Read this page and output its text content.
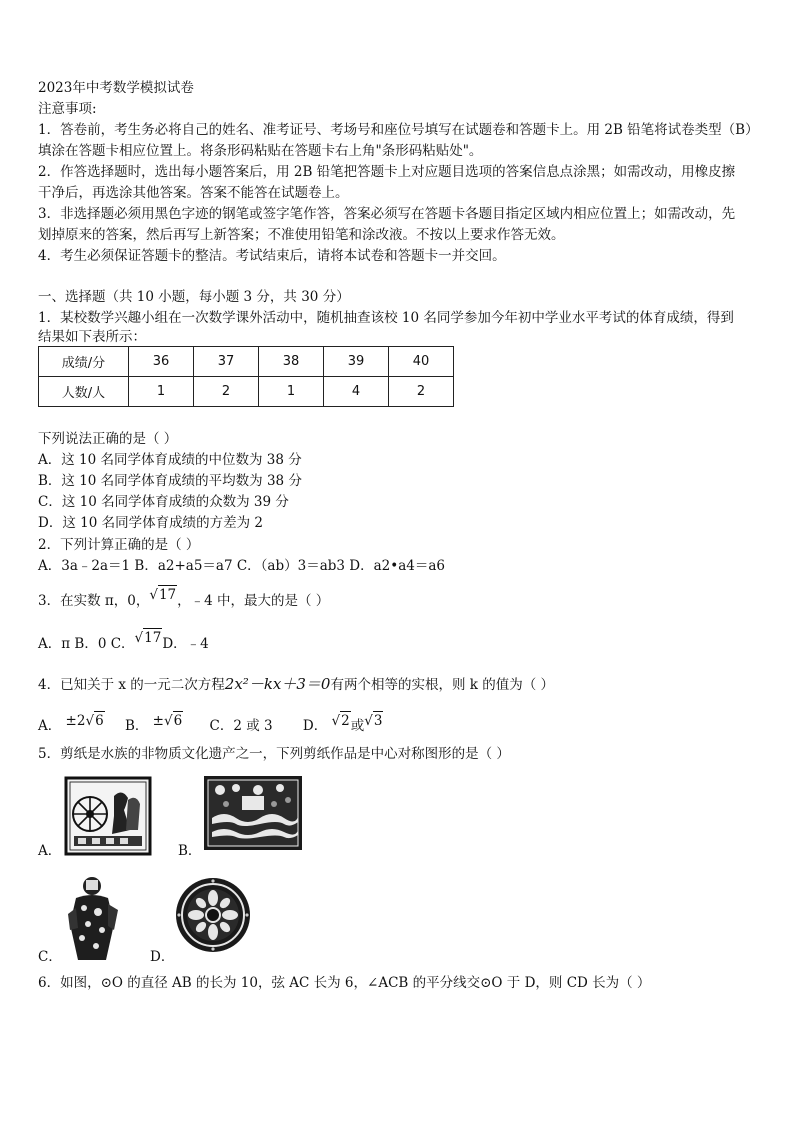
2023年中考数学模拟试卷
注意事项:
1．答卷前，考生务必将自己的姓名、准考证号、考场号和座位号填写在试题卷和答题卡上。用 2B 铅笔将试卷类型（B）
填涂在答题卡相应位置上。将条形码粘贴在答题卡右上角"条形码粘贴处"。
2．作答选择题时，选出每小题答案后，用 2B 铅笔把答题卡上对应题目选项的答案信息点涂黑；如需改动，用橡皮擦
干净后，再选涂其他答案。答案不能答在试题卷上。
3．非选择题必须用黑色字迹的钢笔或签字笔作答，答案必须写在答题卡各题目指定区域内相应位置上；如需改动，先
划掉原来的答案，然后再写上新答案；不准使用铅笔和涂改液。不按以上要求作答无效。
4．考生必须保证答题卡的整洁。考试结束后，请将本试卷和答题卡一并交回。
一、选择题（共 10 小题，每小题 3 分，共 30 分）
1．某校数学兴趣小组在一次数学课外活动中，随机抽查该校 10 名同学参加今年初中学业水平考试的体育成绩，得到
结果如下表所示：
成绩/分	36	37	38	39	40
人数/人	1	2	1	4	2
下列说法正确的是（ ）
A．这 10 名同学体育成绩的中位数为 38 分
B．这 10 名同学体育成绩的平均数为 38 分
C．这 10 名同学体育成绩的众数为 39 分
D．这 10 名同学体育成绩的方差为 2
2．下列计算正确的是（ ）
A．3a﹣2a＝1 B．a2+a5＝a7 C．（ab）3＝ab3 D．a2•a4＝a6
3．在实数 π，0，√17，﹣4 中，最大的是（ ）
A．π B．0 C．√17D．﹣4
4．已知关于 x 的一元二次方程2x²－kx＋3＝0有两个相等的实根，则 k 的值为（ ）
A． ±2√6 B． ±√6 C．2 或 3 D． √2或√3
5．剪纸是水族的非物质文化遗产之一，下列剪纸作品是中心对称图形的是（ ）
A．	B．
C．	D．
6．如图，⊙O 的直径 AB 的长为 10，弦 AC 长为 6，∠ACB 的平分线交⊙O 于 D，则 CD 长为（ ）
